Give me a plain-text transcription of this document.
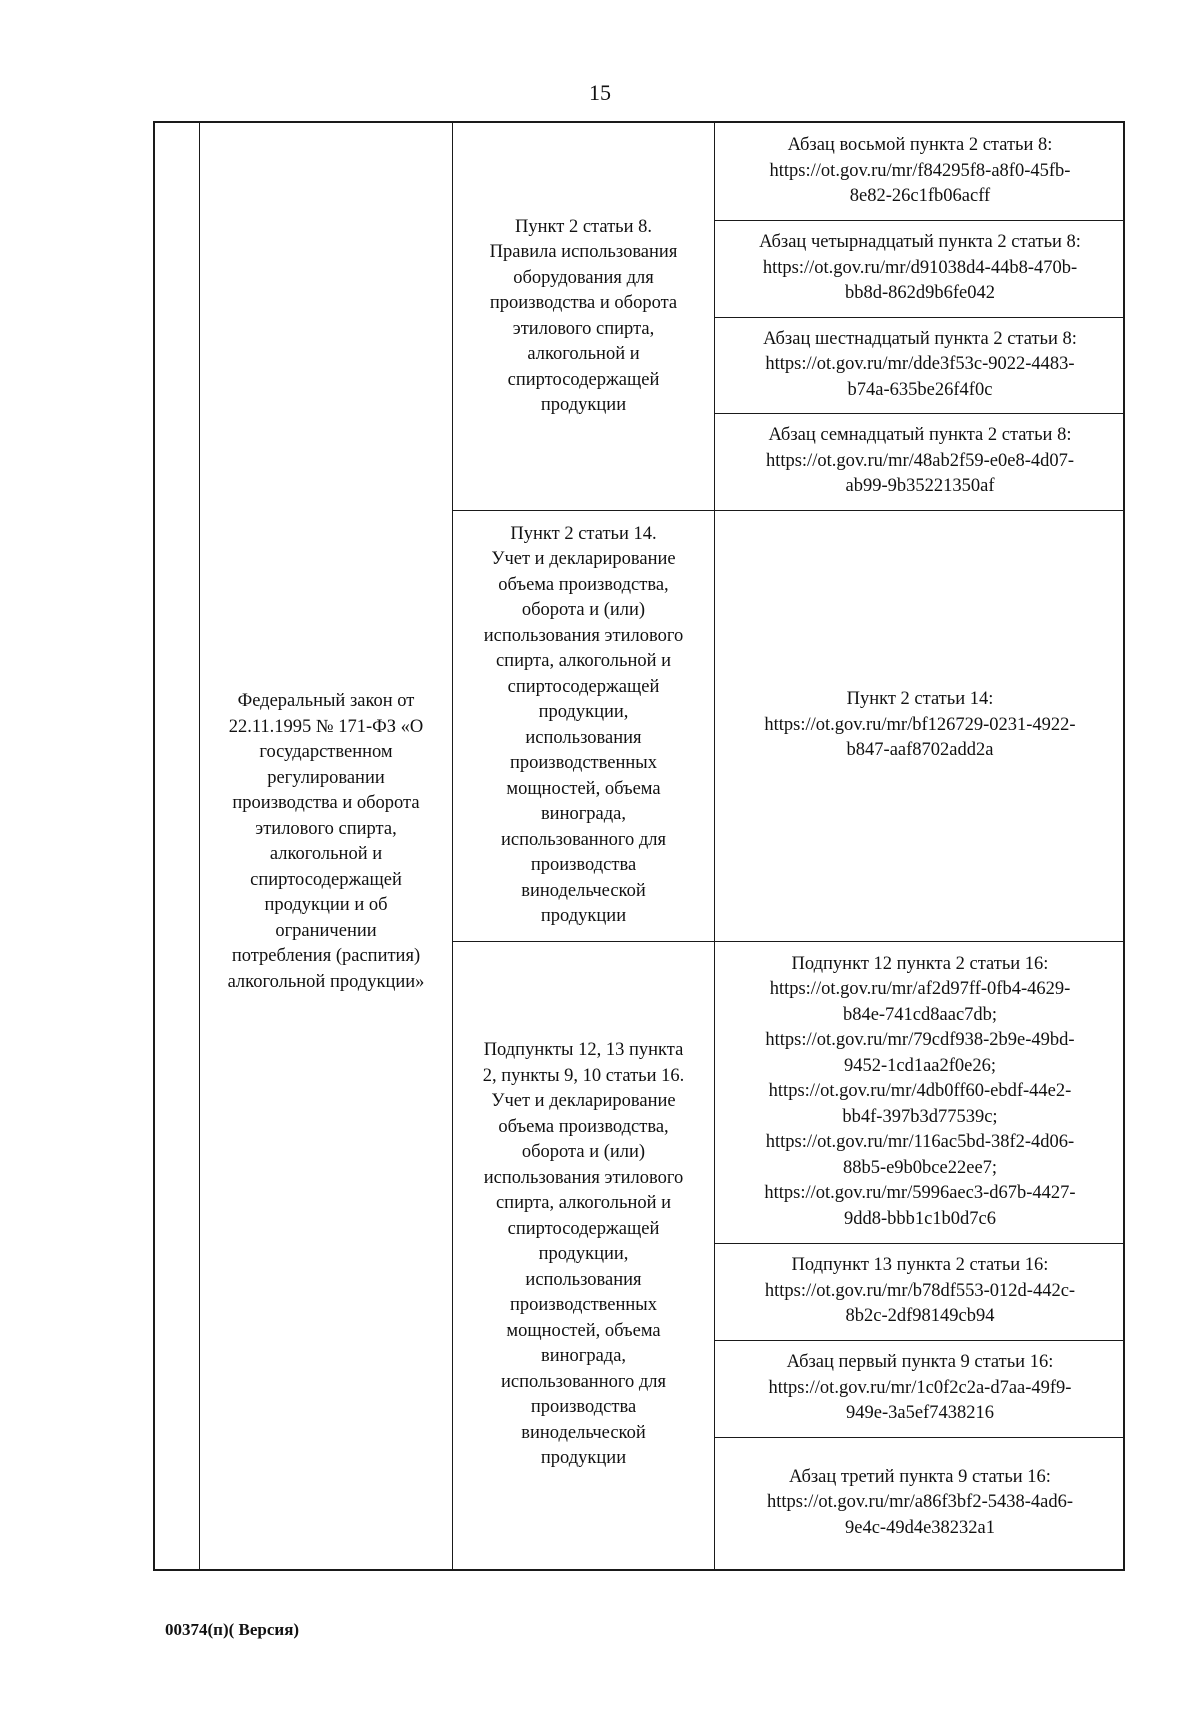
15
Федеральный закон от
22.11.1995 № 171-ФЗ «О
государственном
регулировании
производства и оборота
этилового спирта,
алкогольной и
спиртосодержащей
продукции и об
ограничении
потребления (распития)
алкогольной продукции»
Пункт 2 статьи 8.
Правила использования
оборудования для
производства и оборота
этилового спирта,
алкогольной и
спиртосодержащей
продукции
Абзац восьмой пункта 2 статьи 8:
https://ot.gov.ru/mr/f84295f8-a8f0-45fb-
8e82-26c1fb06acff
Абзац четырнадцатый пункта 2 статьи 8:
https://ot.gov.ru/mr/d91038d4-44b8-470b-
bb8d-862d9b6fe042
Абзац шестнадцатый пункта 2 статьи 8:
https://ot.gov.ru/mr/dde3f53c-9022-4483-
b74a-635be26f4f0c
Абзац семнадцатый пункта 2 статьи 8:
https://ot.gov.ru/mr/48ab2f59-e0e8-4d07-
ab99-9b35221350af
Пункт 2 статьи 14.
Учет и декларирование
объема производства,
оборота и (или)
использования этилового
спирта, алкогольной и
спиртосодержащей
продукции,
использования
производственных
мощностей, объема
винограда,
использованного для
производства
винодельческой
продукции
Пункт 2 статьи 14:
https://ot.gov.ru/mr/bf126729-0231-4922-
b847-aaf8702add2a
Подпункты 12, 13 пункта
2, пункты 9, 10 статьи 16.
Учет и декларирование
объема производства,
оборота и (или)
использования этилового
спирта, алкогольной и
спиртосодержащей
продукции,
использования
производственных
мощностей, объема
винограда,
использованного для
производства
винодельческой
продукции
Подпункт 12 пункта 2 статьи 16:
https://ot.gov.ru/mr/af2d97ff-0fb4-4629-
b84e-741cd8aac7db;
https://ot.gov.ru/mr/79cdf938-2b9e-49bd-
9452-1cd1aa2f0e26;
https://ot.gov.ru/mr/4db0ff60-ebdf-44e2-
bb4f-397b3d77539c;
https://ot.gov.ru/mr/116ac5bd-38f2-4d06-
88b5-e9b0bce22ee7;
https://ot.gov.ru/mr/5996aec3-d67b-4427-
9dd8-bbb1c1b0d7c6
Подпункт 13 пункта 2 статьи 16:
https://ot.gov.ru/mr/b78df553-012d-442c-
8b2c-2df98149cb94
Абзац первый пункта 9 статьи 16:
https://ot.gov.ru/mr/1c0f2c2a-d7aa-49f9-
949e-3a5ef7438216
Абзац третий пункта 9 статьи 16:
https://ot.gov.ru/mr/a86f3bf2-5438-4ad6-
9e4c-49d4e38232a1
00374(п)( Версия)
